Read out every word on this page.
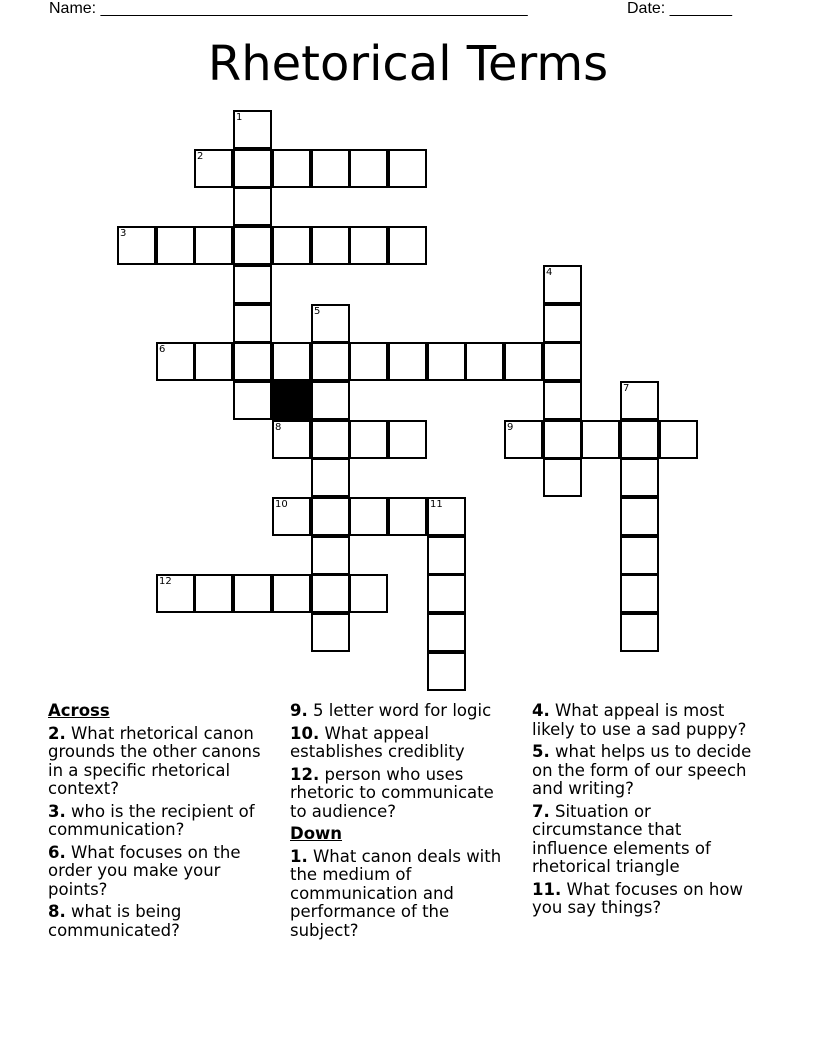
Name: ________________________________________________	Date: _______
Rhetorical Terms
1
2
3
4
5
6
7
8	9
10	11
12
Across
2. What rhetorical canon grounds the other canons in a specific rhetorical context?
3. who is the recipient of communication?
6. What focuses on the order you make your points?
8. what is being communicated?
9. 5 letter word for logic
10. What appeal establishes crediblity
12. person who uses rhetoric to communicate to audience?
Down
1. What canon deals with the medium of communication and performance of the subject?
4. What appeal is most likely to use a sad puppy?
5. what helps us to decide on the form of our speech and writing?
7. Situation or circumstance that influence elements of rhetorical triangle
11. What focuses on how you say things?
